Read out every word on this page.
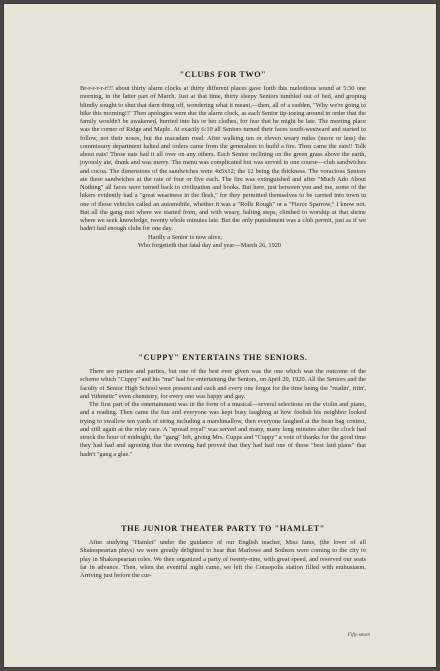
"CLUBS FOR TWO"

Br-r-r-r-r-r!!! about thirty alarm clocks at thirty different places gave forth this melodious sound at 5:30 one morning, in the latter part of March. Just at that time, thirty sleepy Seniors tumbled out of bed, and groping blindly sought to shut that darn thing off, wondering what it meant,—then, all of a sudden, "Why we're going to hike this morning!!" Then apologies were due the alarm clock, as each Senior tip-toeing around in order that the family wouldn't be awakened, hurried into his or her clothes, for fear that he might be late. The meeting place was the corner of Ridge and Maple. At exactly 6:10 all Seniors turned their faces south-westward and started to follow, not their noses, but the macadam road. After walking ten or eleven weary miles (more or less) the commissary department halted and orders came from the generalees to build a fire. Then came the eats!! Talk about eats! Those eats had it all over on any others. Each Senior reclining on the green grass above the earth, joyously ate, drank and was merry. The menu was complicated but was served in one course—club sandwiches and cocoa. The dimensions of the sandwiches were 4x5x12; the 12 being the thickness. The voracious Seniors ate these sandwiches at the rate of four or five each. The fire was extinguished and after "Much Ado About Nothing" all faces were turned back to civilization and books. But here, just between you and me, some of the hikers evidently had a "great weariness in the flesh," for they permitted themselves to be carried into town in one of those vehicles called an automobile, whether it was a "Rolls Rough" or a "Fierce Sparrow," I know not. But all the gang met where we started from, and with weary, halting steps, climbed to worship at that shrine where we seek knowledge, twenty whole minutes late. But the only punishment was a club permit, just as if we hadn't had enough clubs for one day.

Hardly a Senior is now alive,
Who forgetteth that fatal day and year—March 26, 1920
"CUPPY" ENTERTAINS THE SENIORS.

There are parties and parties, but one of the best ever given was the one which was the outcome of the scheme which "Cuppy" and his "ma" had for entertaining the Seniors, on April 20, 1920. All the Seniors and the faculty of Senior High School were present and each and every one forgot for the time being the "readin', ritin', and 'rithmetic" even chemistry, for every one was happy and gay.

The first part of the entertainment was in the form of a musical—several selections on the violin and piano, and a reading. Then came the fun and everyone was kept busy laughing at how foolish his neighbor looked trying to swallow ten yards of string including a marshmallow, then everyone laughed at the bean bag contest, and still again at the relay race. A "spread royal" was served and many, many long minutes after the clock had struck the hour of midnight, the "gang" left, giving Mrs. Cupps and "Cuppy" a vote of thanks for the good time they had had and agreeing that the evening had proved that they had had one of those "best laid plans" that hadn't "gang a glae."

THE JUNIOR THEATER PARTY TO "HAMLET"

After studying "Hamlet" under the guidance of our English teacher, Miss Iams, (the lover of all Shakespearian plays) we were greatly delighted to hear that Marlowe and Sothern were coming to the city to play in Shakespearian roles. We then organized a party of twenty-nine, with great speed, and reserved our seats far in advance. Then, when the eventful night came, we left the Coraopolis station filled with enthusiasm. Arriving just before the cur-

Fifty-seven
